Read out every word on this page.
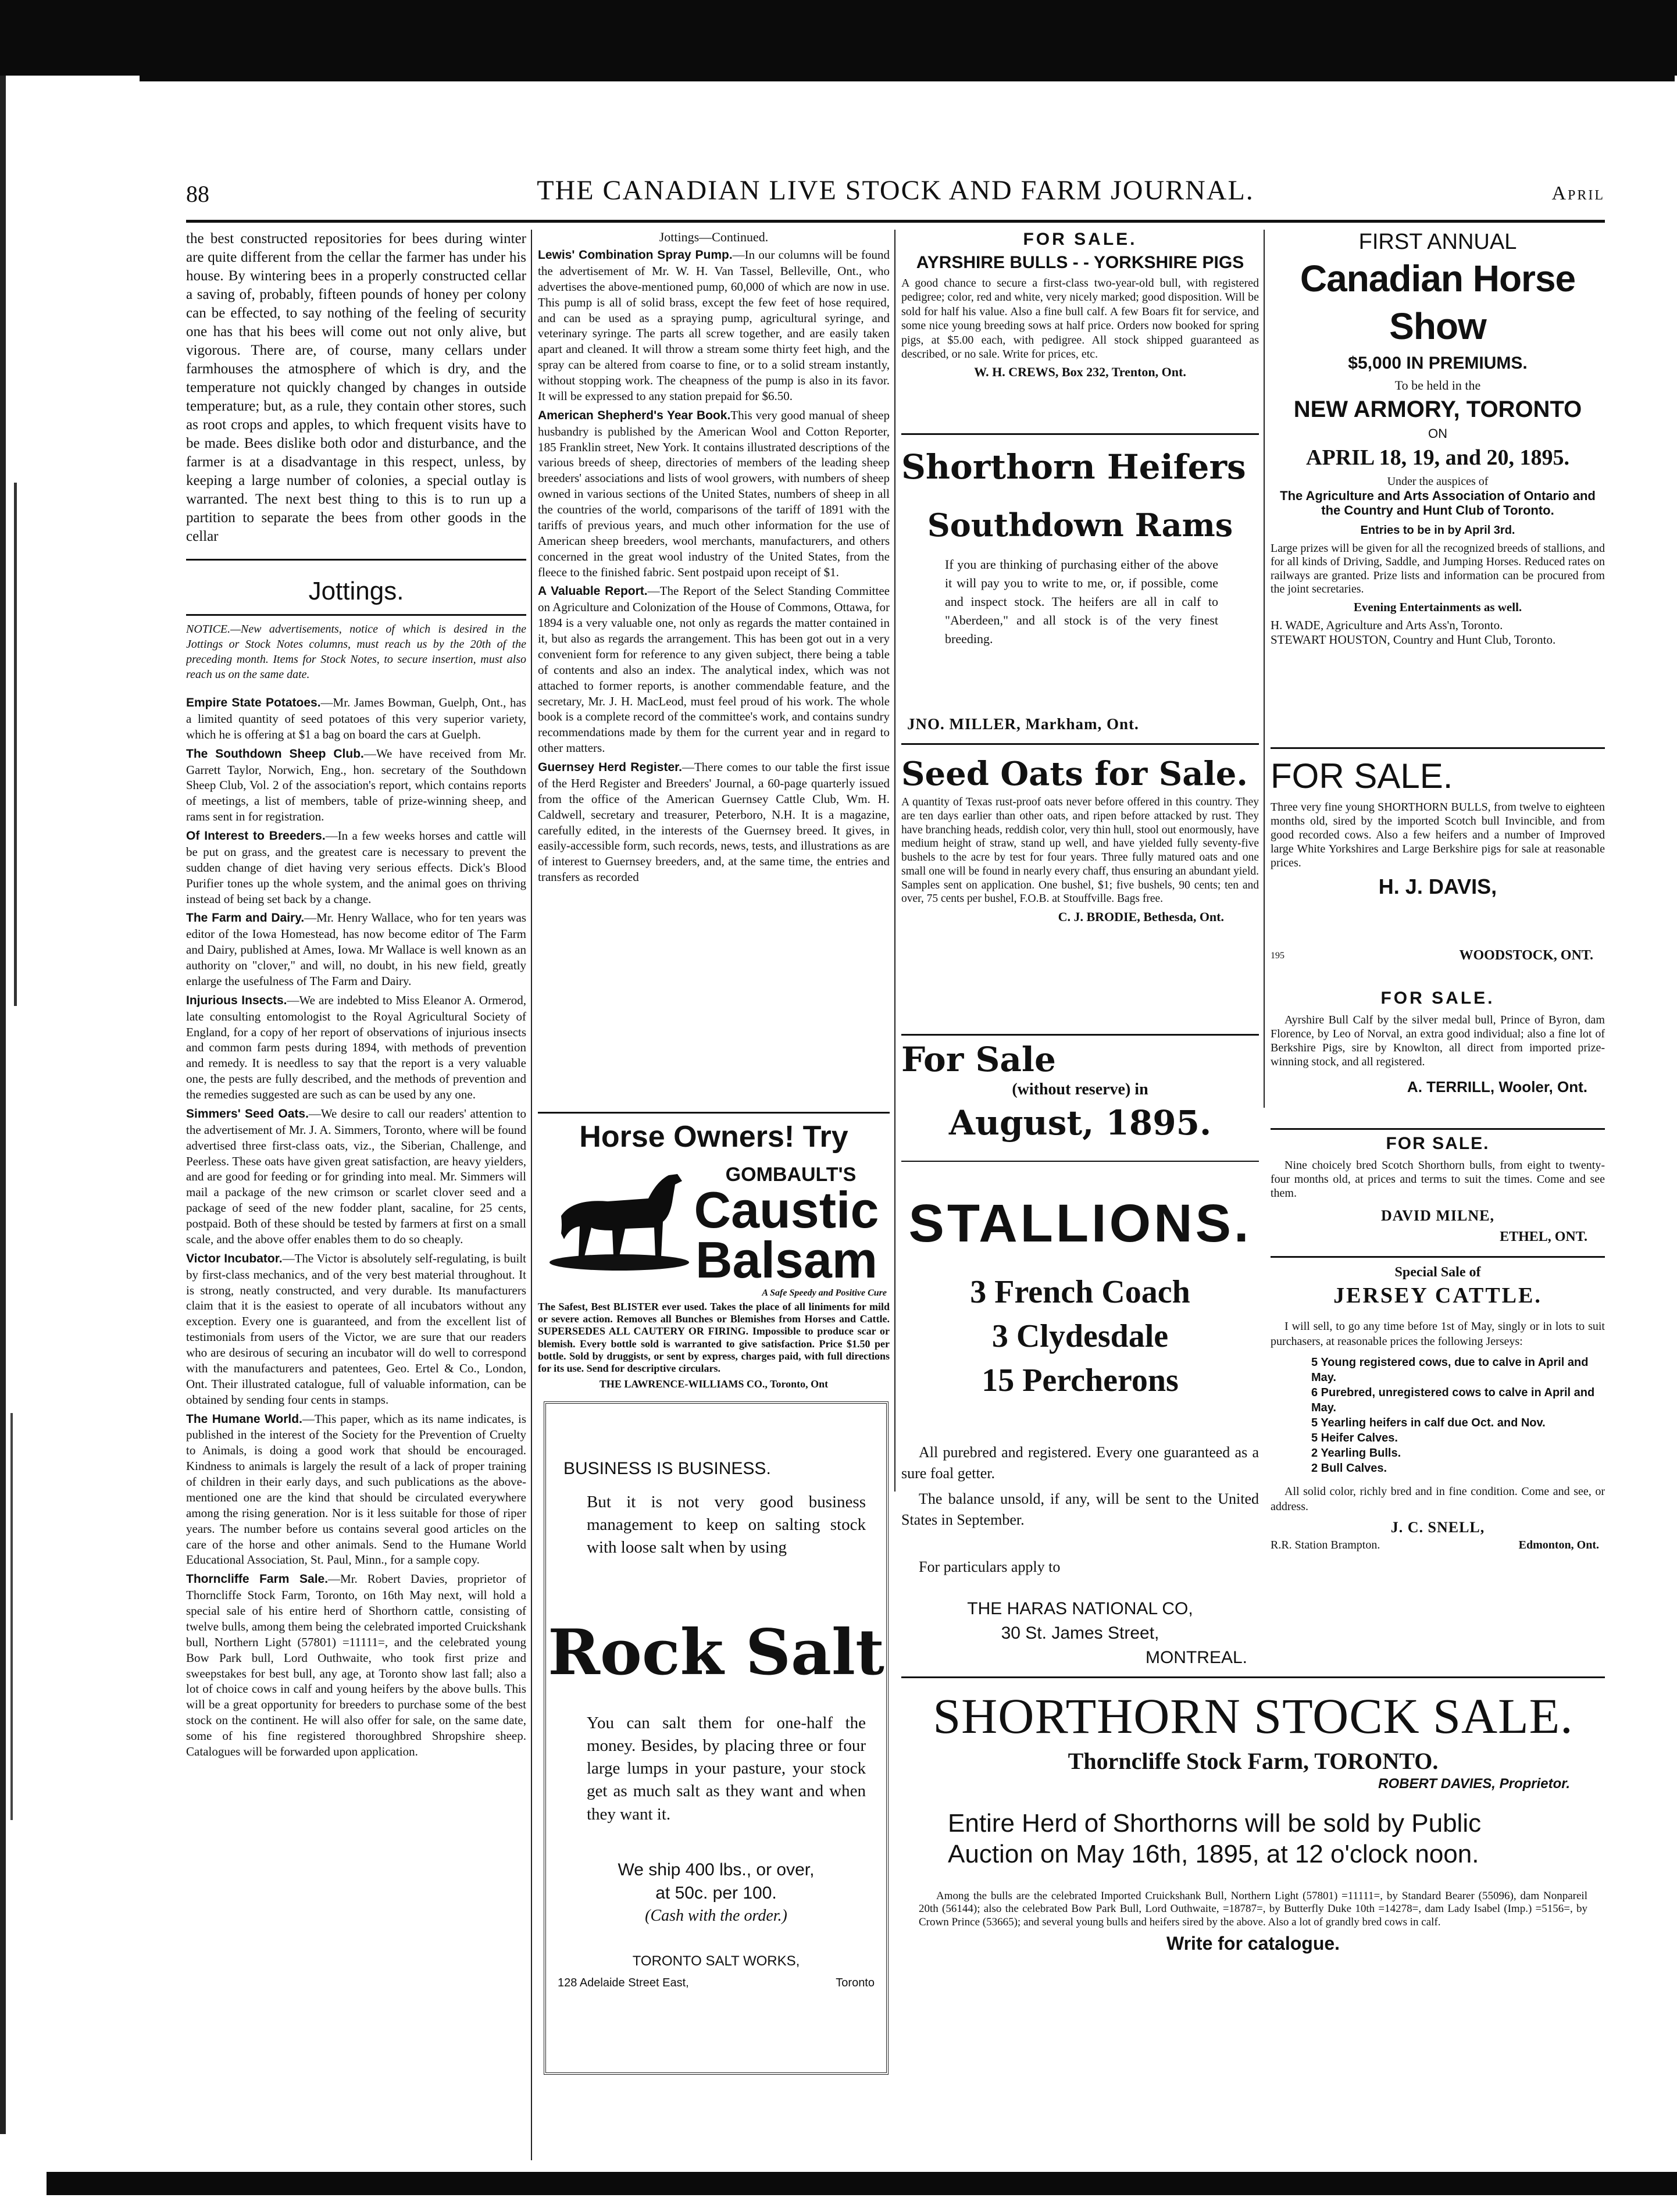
88	THE CANADIAN LIVE STOCK AND FARM JOURNAL.	April

the best constructed repositories for bees during winter are quite different from the cellar the farmer has under his house. By wintering bees in a properly constructed cellar a saving of, probably, fifteen pounds of honey per colony can be effected, to say nothing of the feeling of security one has that his bees will come out not only alive, but vigorous. There are, of course, many cellars under farmhouses the atmosphere of which is dry, and the temperature not quickly changed by changes in outside temperature; but, as a rule, they contain other stores, such as root crops and apples, to which frequent visits have to be made. Bees dislike both odor and disturbance, and the farmer is at a disadvantage in this respect, unless, by keeping a large number of colonies, a special outlay is warranted. The next best thing to this is to run up a partition to separate the bees from other goods in the cellar

Jottings.
NOTICE.—New advertisements, notice of which is desired in the Jottings or Stock Notes columns, must reach us by the 20th of the preceding month. Items for Stock Notes, to secure insertion, must also reach us on the same date.

Empire State Potatoes.—Mr. James Bowman, Guelph, Ont., has a limited quantity of seed potatoes of this very superior variety, which he is offering at $1 a bag on board the cars at Guelph.

The Southdown Sheep Club.—We have received from Mr. Garrett Taylor, Norwich, Eng., hon. secretary of the Southdown Sheep Club, Vol. 2 of the association's report, which contains reports of meetings, a list of members, table of prize-winning sheep, and rams sent in for registration.

Of Interest to Breeders.—In a few weeks horses and cattle will be put on grass, and the greatest care is necessary to prevent the sudden change of diet having very serious effects. Dick's Blood Purifier tones up the whole system, and the animal goes on thriving instead of being set back by a change.

The Farm and Dairy.—Mr. Henry Wallace, who for ten years was editor of the Iowa Homestead, has now become editor of The Farm and Dairy, published at Ames, Iowa. Mr Wallace is well known as an authority on "clover," and will, no doubt, in his new field, greatly enlarge the usefulness of The Farm and Dairy.

Injurious Insects.—We are indebted to Miss Eleanor A. Ormerod, late consulting entomologist to the Royal Agricultural Society of England, for a copy of her report of observations of injurious insects and common farm pests during 1894, with methods of prevention and remedy. It is needless to say that the report is a very valuable one, the pests are fully described, and the methods of prevention and the remedies suggested are such as can be used by any one.

Simmers' Seed Oats.—We desire to call our readers' attention to the advertisement of Mr. J. A. Simmers, Toronto, where will be found advertised three first-class oats, viz., the Siberian, Challenge, and Peerless. These oats have given great satisfaction, are heavy yielders, and are good for feeding or for grinding into meal. Mr. Simmers will mail a package of the new crimson or scarlet clover seed and a package of seed of the new fodder plant, sacaline, for 25 cents, postpaid. Both of these should be tested by farmers at first on a small scale, and the above offer enables them to do so cheaply.

Victor Incubator.—The Victor is absolutely self-regulating, is built by first-class mechanics, and of the very best material throughout. It is strong, neatly constructed, and very durable. Its manufacturers claim that it is the easiest to operate of all incubators without any exception. Every one is guaranteed, and from the excellent list of testimonials from users of the Victor, we are sure that our readers who are desirous of securing an incubator will do well to correspond with the manufacturers and patentees, Geo. Ertel & Co., London, Ont. Their illustrated catalogue, full of valuable information, can be obtained by sending four cents in stamps.

The Humane World.—This paper, which as its name indicates, is published in the interest of the Society for the Prevention of Cruelty to Animals, is doing a good work that should be encouraged. Kindness to animals is largely the result of a lack of proper training of children in their early days, and such publications as the above-mentioned one are the kind that should be circulated everywhere among the rising generation. Nor is it less suitable for those of riper years. The number before us contains several good articles on the care of the horse and other animals. Send to the Humane World Educational Association, St. Paul, Minn., for a sample copy.

Thorncliffe Farm Sale.—Mr. Robert Davies, proprietor of Thorncliffe Stock Farm, Toronto, on 16th May next, will hold a special sale of his entire herd of Shorthorn cattle, consisting of twelve bulls, among them being the celebrated imported Cruickshank bull, Northern Light (57801) =11111=, and the celebrated young Bow Park bull, Lord Outhwaite, who took first prize and sweepstakes for best bull, any age, at Toronto show last fall; also a lot of choice cows in calf and young heifers by the above bulls. This will be a great opportunity for breeders to purchase some of the best stock on the continent. He will also offer for sale, on the same date, some of his fine registered thoroughbred Shropshire sheep. Catalogues will be forwarded upon application.

Jottings—Continued.

Lewis' Combination Spray Pump.—In our columns will be found the advertisement of Mr. W. H. Van Tassel, Belleville, Ont., who advertises the above-mentioned pump, 60,000 of which are now in use. This pump is all of solid brass, except the few feet of hose required, and can be used as a spraying pump, agricultural syringe, and veterinary syringe. The parts all screw together, and are easily taken apart and cleaned. It will throw a stream some thirty feet high, and the spray can be altered from coarse to fine, or to a solid stream instantly, without stopping work. The cheapness of the pump is also in its favor. It will be expressed to any station prepaid for $6.50.

American Shepherd's Year Book.This very good manual of sheep husbandry is published by the American Wool and Cotton Reporter, 185 Franklin street, New York. It contains illustrated descriptions of the various breeds of sheep, directories of members of the leading sheep breeders' associations and lists of wool growers, with numbers of sheep owned in various sections of the United States, numbers of sheep in all the countries of the world, comparisons of the tariff of 1891 with the tariffs of previous years, and much other information for the use of American sheep breeders, wool merchants, manufacturers, and others concerned in the great wool industry of the United States, from the fleece to the finished fabric. Sent postpaid upon receipt of $1.

A Valuable Report.—The Report of the Select Standing Committee on Agriculture and Colonization of the House of Commons, Ottawa, for 1894 is a very valuable one, not only as regards the matter contained in it, but also as regards the arrangement. This has been got out in a very convenient form for reference to any given subject, there being a table of contents and also an index. The analytical index, which was not attached to former reports, is another commendable feature, and the secretary, Mr. J. H. MacLeod, must feel proud of his work. The whole book is a complete record of the committee's work, and contains sundry recommendations made by them for the current year and in regard to other matters.

Guernsey Herd Register.—There comes to our table the first issue of the Herd Register and Breeders' Journal, a 60-page quarterly issued from the office of the American Guernsey Cattle Club, Wm. H. Caldwell, secretary and treasurer, Peterboro, N.H. It is a magazine, carefully edited, in the interests of the Guernsey breed. It gives, in easily-accessible form, such records, news, tests, and illustrations as are of interest to Guernsey breeders, and, at the same time, the entries and transfers as recorded

Horse Owners! Try
GOMBAULT'S
Caustic
Balsam
A Safe Speedy and Positive Cure
The Safest, Best BLISTER ever used. Takes the place of all liniments for mild or severe action. Removes all Bunches or Blemishes from Horses and Cattle. SUPERSEDES ALL CAUTERY OR FIRING. Impossible to produce scar or blemish. Every bottle sold is warranted to give satisfaction. Price $1.50 per bottle. Sold by druggists, or sent by express, charges paid, with full directions for its use. Send for descriptive circulars.
THE LAWRENCE-WILLIAMS CO., Toronto, Ont
BUSINESS IS BUSINESS.
But it is not very good business management to keep on salting stock with loose salt when by using
Rock Salt
You can salt them for one-half the money. Besides, by placing three or four large lumps in your pasture, your stock get as much salt as they want and when they want it.
We ship 400 lbs., or over,
at 50c. per 100.
(Cash with the order.)
TORONTO SALT WORKS,
128 Adelaide Street East,	Toronto
FOR SALE.
AYRSHIRE BULLS - - YORKSHIRE PIGS
A good chance to secure a first-class two-year-old bull, with registered pedigree; color, red and white, very nicely marked; good disposition. Will be sold for half his value. Also a fine bull calf. A few Boars fit for service, and some nice young breeding sows at half price. Orders now booked for spring pigs, at $5.00 each, with pedigree. All stock shipped guaranteed as described, or no sale. Write for prices, etc.
W. H. CREWS, Box 232, Trenton, Ont.
Shorthorn Heifers
Southdown Rams
If you are thinking of purchasing either of the above it will pay you to write to me, or, if possible, come and inspect stock. The heifers are all in calf to "Aberdeen," and all stock is of the very finest breeding.
JNO. MILLER, Markham, Ont.
Seed Oats for Sale.
A quantity of Texas rust-proof oats never before offered in this country. They are ten days earlier than other oats, and ripen before attacked by rust. They have branching heads, reddish color, very thin hull, stool out enormously, have medium height of straw, stand up well, and have yielded fully seventy-five bushels to the acre by test for four years. Three fully matured oats and one small one will be found in nearly every chaff, thus ensuring an abundant yield. Samples sent on application. One bushel, $1; five bushels, 90 cents; ten and over, 75 cents per bushel, F.O.B. at Stouffville. Bags free.
C. J. BRODIE, Bethesda, Ont.
For Sale
(without reserve) in
August, 1895.
STALLIONS.
3 French Coach
3 Clydesdale
15 Percherons
All purebred and registered. Every one guaranteed as a sure foal getter.
The balance unsold, if any, will be sent to the United States in September.
For particulars apply to
THE HARAS NATIONAL CO,
30 St. James Street,
MONTREAL.
FIRST ANNUAL
Canadian Horse Show
$5,000 IN PREMIUMS.
To be held in the
NEW ARMORY, TORONTO
ON
APRIL 18, 19, and 20, 1895.
Under the auspices of
The Agriculture and Arts Association of Ontario and the Country and Hunt Club of Toronto.
Entries to be in by April 3rd.
Large prizes will be given for all the recognized breeds of stallions, and for all kinds of Driving, Saddle, and Jumping Horses. Reduced rates on railways are granted. Prize lists and information can be procured from the joint secretaries.
Evening Entertainments as well.
H. WADE, Agriculture and Arts Ass'n, Toronto.
STEWART HOUSTON, Country and Hunt Club, Toronto.
FOR SALE.
Three very fine young SHORTHORN BULLS, from twelve to eighteen months old, sired by the imported Scotch bull Invincible, and from good recorded cows. Also a few heifers and a number of Improved large White Yorkshires and Large Berkshire pigs for sale at reasonable prices.
H. J. DAVIS,
195	WOODSTOCK, ONT.
FOR SALE.
Ayrshire Bull Calf by the silver medal bull, Prince of Byron, dam Florence, by Leo of Norval, an extra good individual; also a fine lot of Berkshire Pigs, sire by Knowlton, all direct from imported prize-winning stock, and all registered.
A. TERRILL, Wooler, Ont.
FOR SALE.
Nine choicely bred Scotch Shorthorn bulls, from eight to twenty-four months old, at prices and terms to suit the times. Come and see them.
DAVID MILNE,
ETHEL, ONT.
Special Sale of
JERSEY CATTLE.
I will sell, to go any time before 1st of May, singly or in lots to suit purchasers, at reasonable prices the following Jerseys:
5 Young registered cows, due to calve in April and May.
6 Purebred, unregistered cows to calve in April and May.
5 Yearling heifers in calf due Oct. and Nov.
5 Heifer Calves.
2 Yearling Bulls.
2 Bull Calves.
All solid color, richly bred and in fine condition. Come and see, or address.
J. C. SNELL,
R.R. Station Brampton.	Edmonton, Ont.
SHORTHORN STOCK SALE.
Thorncliffe Stock Farm, TORONTO.
ROBERT DAVIES, Proprietor.
Entire Herd of Shorthorns will be sold by Public Auction on May 16th, 1895, at 12 o'clock noon.
Among the bulls are the celebrated Imported Cruickshank Bull, Northern Light (57801) =11111=, by Standard Bearer (55096), dam Nonpareil 20th (56144); also the celebrated Bow Park Bull, Lord Outhwaite, =18787=, by Butterfly Duke 10th =14278=, dam Lady Isabel (Imp.) =5156=, by Crown Prince (53665); and several young bulls and heifers sired by the above. Also a lot of grandly bred cows in calf.
Write for catalogue.
